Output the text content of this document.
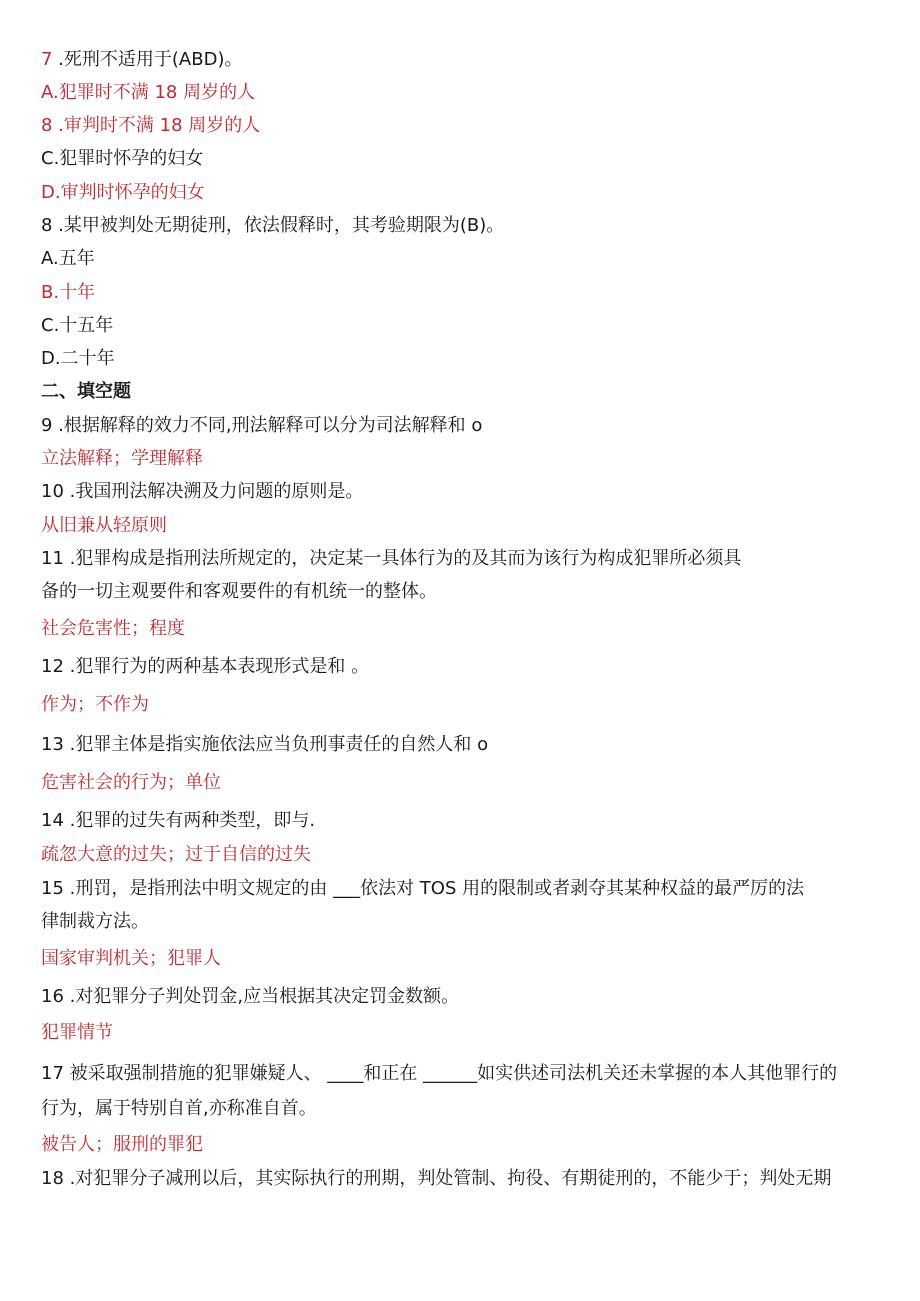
7 .死刑不适用于(ABD)。
A.犯罪时不满 18 周岁的人
8 .审判时不满 18 周岁的人
C.犯罪时怀孕的妇女
D.审判时怀孕的妇女
8 .某甲被判处无期徒刑，依法假释时，其考验期限为(B)。
A.五年
B.十年
C.十五年
D.二十年
二、填空题
9 .根据解释的效力不同,刑法解释可以分为司法解释和 o
立法解释；学理解释
10 .我国刑法解决溯及力问题的原则是。
从旧兼从轻原则
11 .犯罪构成是指刑法所规定的，决定某一具体行为的及其而为该行为构成犯罪所必须具
备的一切主观要件和客观要件的有机统一的整体。
社会危害性；程度
12 .犯罪行为的两种基本表现形式是和 。
作为；不作为
13 .犯罪主体是指实施依法应当负刑事责任的自然人和 o
危害社会的行为；单位
14 .犯罪的过失有两种类型，即与.
疏忽大意的过失；过于自信的过失
15 .刑罚，是指刑法中明文规定的由 ___依法对 TOS 用的限制或者剥夺其某种权益的最严厉的法
律制裁方法。
国家审判机关；犯罪人
16 .对犯罪分子判处罚金,应当根据其决定罚金数额。
犯罪情节
17 被采取强制措施的犯罪嫌疑人、 ____和正在 ______如实供述司法机关还未掌握的本人其他罪行的
行为，属于特别自首,亦称准自首。
被告人；服刑的罪犯
18 .对犯罪分子减刑以后，其实际执行的刑期，判处管制、拘役、有期徒刑的，不能少于；判处无期
